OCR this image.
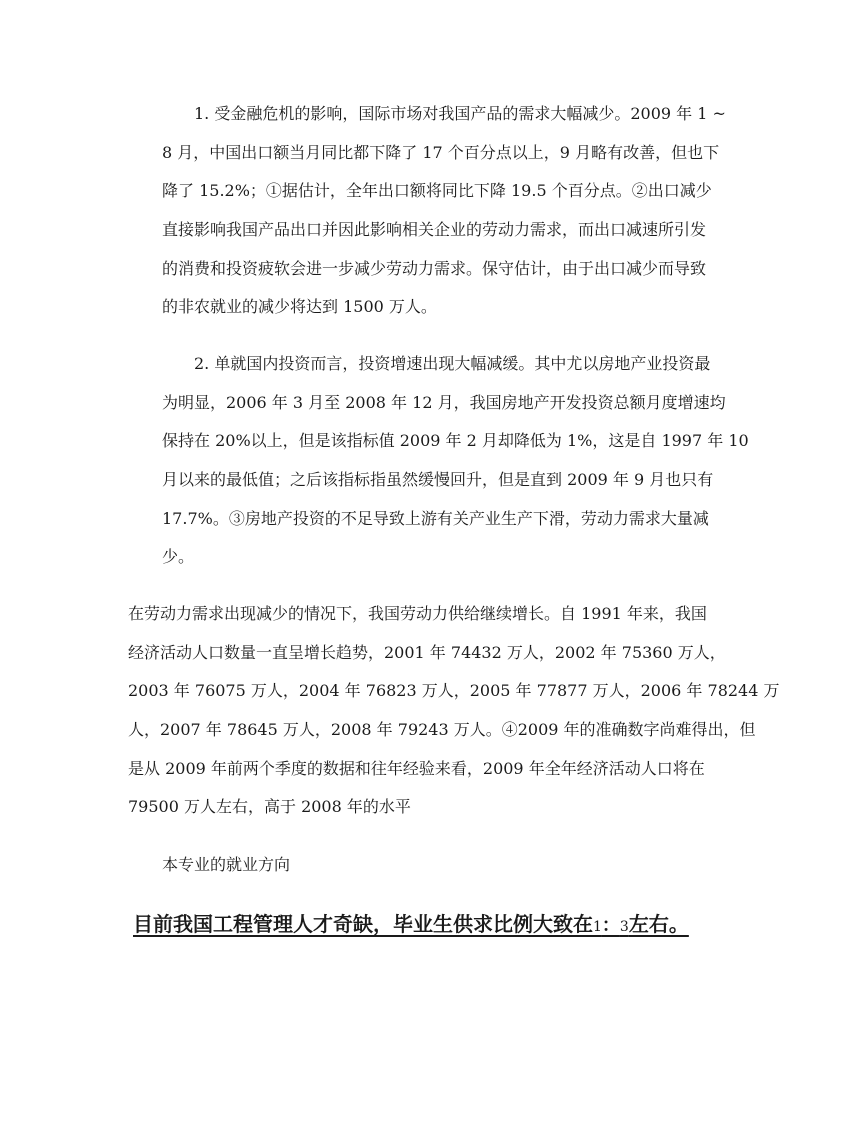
1. 受金融危机的影响，国际市场对我国产品的需求大幅减少。2009 年 1 ~
8 月，中国出口额当月同比都下降了 17 个百分点以上，9 月略有改善，但也下
降了 15.2%；①据估计，全年出口额将同比下降 19.5 个百分点。②出口减少
直接影响我国产品出口并因此影响相关企业的劳动力需求，而出口减速所引发
的消费和投资疲软会进一步减少劳动力需求。保守估计，由于出口减少而导致
的非农就业的减少将达到 1500 万人。
2. 单就国内投资而言，投资增速出现大幅减缓。其中尤以房地产业投资最
为明显，2006 年 3 月至 2008 年 12 月，我国房地产开发投资总额月度增速均
保持在 20%以上，但是该指标值 2009 年 2 月却降低为 1%，这是自 1997 年 10
月以来的最低值；之后该指标指虽然缓慢回升，但是直到 2009 年 9 月也只有
17.7%。③房地产投资的不足导致上游有关产业生产下滑，劳动力需求大量减
少。
在劳动力需求出现减少的情况下，我国劳动力供给继续增长。自 1991 年来，我国
经济活动人口数量一直呈增长趋势，2001 年 74432 万人，2002 年 75360 万人，
2003 年 76075 万人，2004 年 76823 万人，2005 年 77877 万人，2006 年 78244 万
人，2007 年 78645 万人，2008 年 79243 万人。④2009 年的准确数字尚难得出，但
是从 2009 年前两个季度的数据和往年经验来看，2009 年全年经济活动人口将在
79500 万人左右，高于 2008 年的水平
本专业的就业方向
目前我国工程管理人才奇缺，毕业生供求比例大致在1：3左右。
